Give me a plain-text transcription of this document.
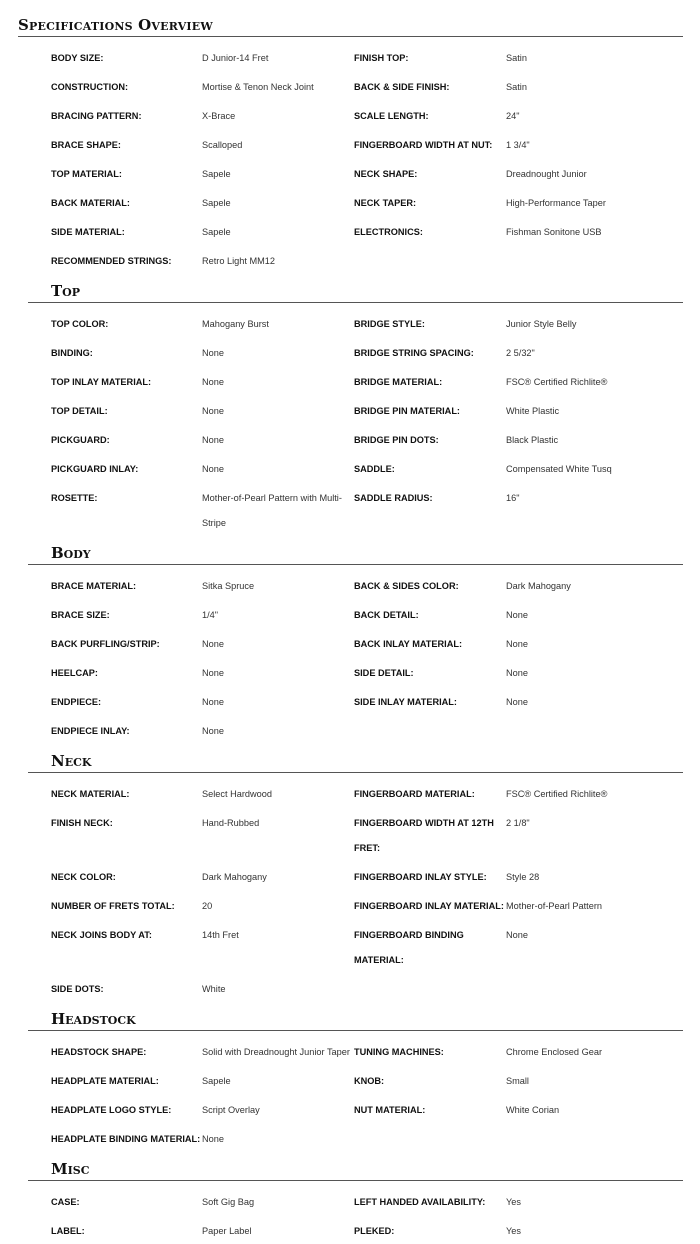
Specifications Overview
BODY SIZE:	D Junior-14 Fret	FINISH TOP:	Satin
CONSTRUCTION:	Mortise & Tenon Neck Joint	BACK & SIDE FINISH:	Satin
BRACING PATTERN:	X-Brace	SCALE LENGTH:	24"
BRACE SHAPE:	Scalloped	FINGERBOARD WIDTH AT NUT:	1 3/4"
TOP MATERIAL:	Sapele	NECK SHAPE:	Dreadnought Junior
BACK MATERIAL:	Sapele	NECK TAPER:	High-Performance Taper
SIDE MATERIAL:	Sapele	ELECTRONICS:	Fishman Sonitone USB
RECOMMENDED STRINGS:	Retro Light MM12		
Top
TOP COLOR:	Mahogany Burst	BRIDGE STYLE:	Junior Style Belly
BINDING:	None	BRIDGE STRING SPACING:	2 5/32"
TOP INLAY MATERIAL:	None	BRIDGE MATERIAL:	FSC® Certified Richlite®
TOP DETAIL:	None	BRIDGE PIN MATERIAL:	White Plastic
PICKGUARD:	None	BRIDGE PIN DOTS:	Black Plastic
PICKGUARD INLAY:	None	SADDLE:	Compensated White Tusq
ROSETTE:	Mother-of-Pearl Pattern with Multi-Stripe	SADDLE RADIUS:	16"
Body
BRACE MATERIAL:	Sitka Spruce	BACK & SIDES COLOR:	Dark Mahogany
BRACE SIZE:	1/4"	BACK DETAIL:	None
BACK PURFLING/STRIP:	None	BACK INLAY MATERIAL:	None
HEELCAP:	None	SIDE DETAIL:	None
ENDPIECE:	None	SIDE INLAY MATERIAL:	None
ENDPIECE INLAY:	None		
Neck
NECK MATERIAL:	Select Hardwood	FINGERBOARD MATERIAL:	FSC® Certified Richlite®
FINISH NECK:	Hand-Rubbed	FINGERBOARD WIDTH AT 12TH FRET:	2 1/8"
NECK COLOR:	Dark Mahogany	FINGERBOARD INLAY STYLE:	Style 28
NUMBER OF FRETS TOTAL:	20	FINGERBOARD INLAY MATERIAL:	Mother-of-Pearl Pattern
NECK JOINS BODY AT:	14th Fret	FINGERBOARD BINDING MATERIAL:	None
SIDE DOTS:	White		
Headstock
HEADSTOCK SHAPE:	Solid with Dreadnought Junior Taper	TUNING MACHINES:	Chrome Enclosed Gear
HEADPLATE MATERIAL:	Sapele	KNOB:	Small
HEADPLATE LOGO STYLE:	Script Overlay	NUT MATERIAL:	White Corian
HEADPLATE BINDING MATERIAL:	None		
Misc
CASE:	Soft Gig Bag	LEFT HANDED AVAILABILITY:	Yes
LABEL:	Paper Label	PLEKED:	Yes
